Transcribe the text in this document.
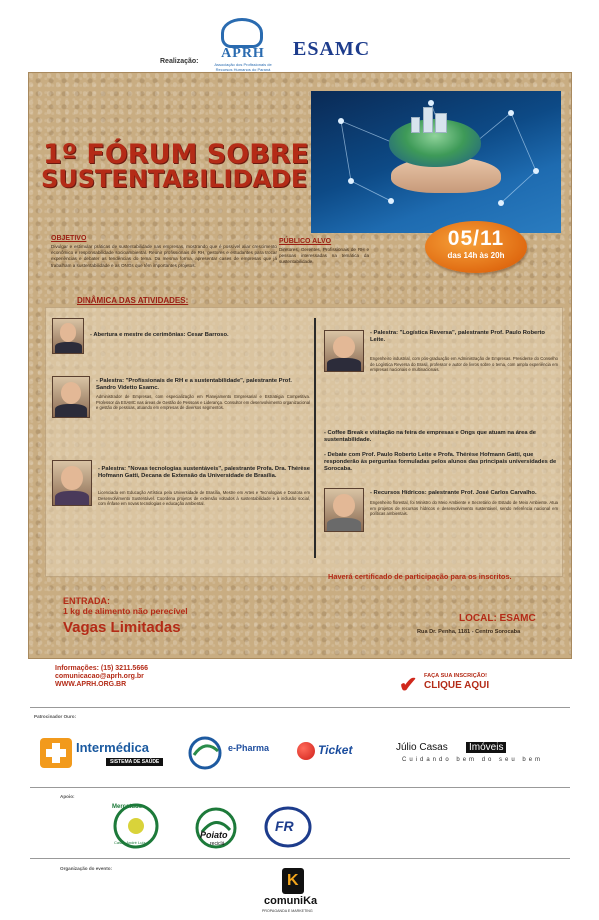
Realização:
APRH
Associação dos Profissionais de Recursos Humanos do Paraná
ESAMC
1º FÓRUM SOBRE
SUSTENTABILIDADE
OBJETIVO
Divulgar e estimular práticas de sustentabilidade nas empresas, mostrando que é possível aliar crescimento econômico e responsabilidade socioambiental. Reunir profissionais de RH, gestores e estudantes para trocar experiências e debater as tendências do tema. Da mesma forma, apresentar cases de empresas que já trabalham a sustentabilidade e as ONGs que têm importantes projetos.
PÚBLICO ALVO
Diretores, Gerentes, Profissionais de RH e pessoas interessadas na temática da sustentabilidade.
05/11
das 14h às 20h
DINÂMICA DAS ATIVIDADES:
- Abertura e mestre de cerimônias: Cesar Barroso.
- Palestra: "Profissionais de RH e a sustentabilidade", palestrante Prof. Sandro Videtto Esamc.
Administrador de Empresas, com especialização em Planejamento Empresarial e Estratégia Competitiva. Professor da ESAMC nas áreas de Gestão de Pessoas e Liderança. Consultor em desenvolvimento organizacional e gestão de pessoas, atuando em empresas de diversos segmentos.
- Palestra: "Novas tecnologias sustentáveis", palestrante Profa. Dra. Thérèse Hofmann Gatti, Decana de Extensão da Universidade de Brasília.
Licenciada em Educação Artística pela Universidade de Brasília, Mestre em Artes e Tecnologias e Doutora em Desenvolvimento Sustentável. Coordena projetos de extensão voltados à sustentabilidade e à inclusão social, com ênfase em novas tecnologias e educação ambiental.
- Palestra: "Logística Reversa", palestrante Prof. Paulo Roberto Leite.
Engenheiro industrial, com pós-graduação em Administração de Empresas. Presidente do Conselho de Logística Reversa do Brasil, professor e autor de livros sobre o tema, com ampla experiência em empresas nacionais e multinacionais.
- Coffee Break e visitação na feira de empresas e Ongs que atuam na área de sustentabilidade.
- Debate com Prof. Paulo Roberto Leite e Profa. Thérèse Hofmann Gatti, que responderão às perguntas formuladas pelos alunos das principais universidades de Sorocaba.
- Recursos Hídricos: palestrante Prof. José Carlos Carvalho.
Engenheiro florestal, foi Ministro do Meio Ambiente e Secretário de Estado de Meio Ambiente. Atua em projetos de recursos hídricos e desenvolvimento sustentável, sendo referência nacional em políticas ambientais.
Haverá certificado de participação para os inscritos.
ENTRADA:
1 kg de alimento não perecível
Vagas Limitadas
LOCAL: ESAMC
Rua Dr. Penha, 1181 - Centro Sorocaba
Informações: (15) 3211.5666
comunicacao@aprh.org.br
WWW.APRH.ORG.BR	✔ FAÇA SUA INSCRIÇÃO!
CLIQUE AQUI
Patrocinador Ouro:
Intermédica
SISTEMA DE SAÚDE
e-Pharma	Ticket	Júlio Casas	Imóveis
Cuidando bem do seu bem
Apoio:
Mercatudo
Casas André Luiz
Poiato
reciclá
FR
Organização do evento:
K
comuniKa
PROPAGANDA E MARKETING
